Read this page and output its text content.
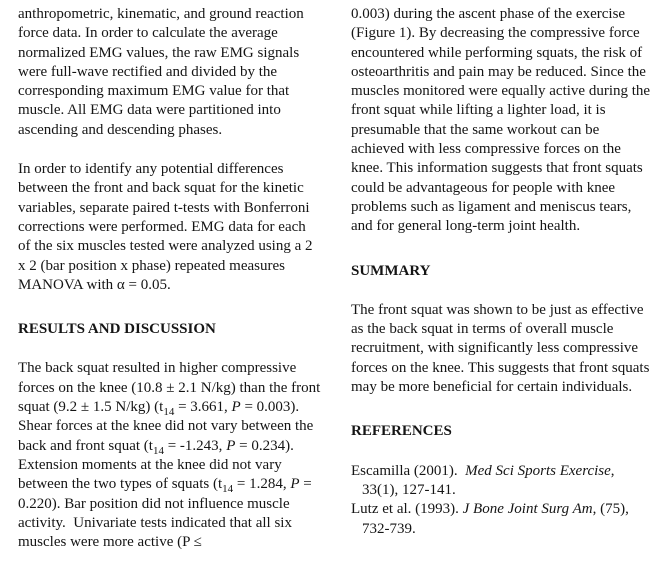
anthropometric, kinematic, and ground reaction force data. In order to calculate the average normalized EMG values, the raw EMG signals were full-wave rectified and divided by the corresponding maximum EMG value for that muscle. All EMG data were partitioned into ascending and descending phases.

In order to identify any potential differences between the front and back squat for the kinetic variables, separate paired t-tests with Bonferroni corrections were performed. EMG data for each of the six muscles tested were analyzed using a 2 x 2 (bar position x phase) repeated measures MANOVA with α = 0.05.

RESULTS AND DISCUSSION

The back squat resulted in higher compressive forces on the knee (10.8 ± 2.1 N/kg) than the front squat (9.2 ± 1.5 N/kg) ($t_{14} = 3.661$, P = 0.003).  Shear forces at the knee did not vary between the back and front squat ($t_{14} = -1.243$, P = 0.234). Extension moments at the knee did not vary between the two types of squats ($t_{14} = 1.284$, P = 0.220). Bar position did not influence muscle activity.  Univariate tests indicated that all six muscles were more active (P ≤

0.003) during the ascent phase of the exercise (Figure 1). By decreasing the compressive force encountered while performing squats, the risk of osteoarthritis and pain may be reduced. Since the muscles monitored were equally active during the front squat while lifting a lighter load, it is presumable that the same workout can be achieved with less compressive forces on the knee. This information suggests that front squats could be advantageous for people with knee problems such as ligament and meniscus tears, and for general long-term joint health.

SUMMARY

The front squat was shown to be just as effective as the back squat in terms of overall muscle recruitment, with significantly less compressive forces on the knee. This suggests that front squats may be more beneficial for certain individuals.

REFERENCES

Escamilla (2001).  Med Sci Sports Exercise, 33(1), 127-141.

Lutz et al. (1993). J Bone Joint Surg Am, (75), 732-739.
